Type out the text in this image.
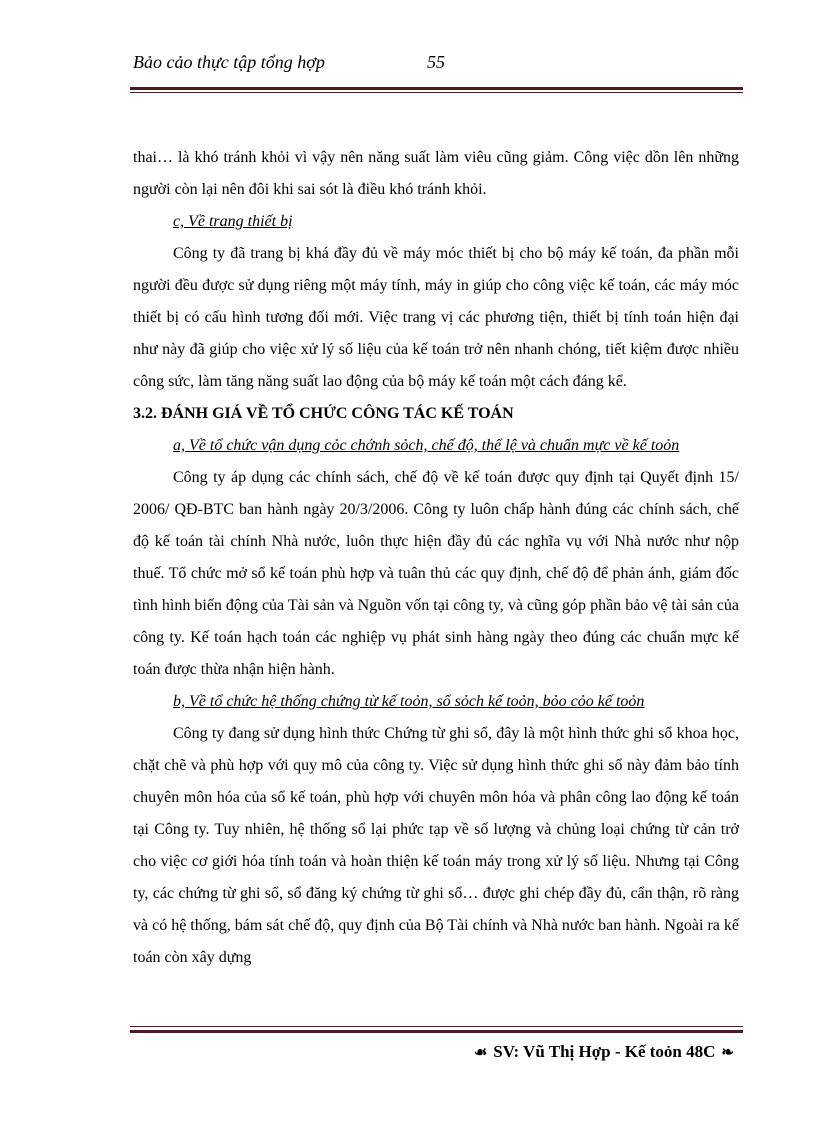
Bảo cảo thực tập tổng hợp	55

thai… là khó tránh khỏi vì vậy nên năng suất làm viêu cũng giảm. Công việc dồn lên những người còn lại nên đôi khi sai sót là điều khó tránh khỏi.

c, Về trang thiết bị

Công ty đã trang bị khá đầy đủ về máy móc thiết bị cho bộ máy kế toán, đa phần mỗi người đều được sử dụng riêng một máy tính, máy in giúp cho công việc kế toán, các máy móc thiết bị có cấu hình tương đối mới. Việc trang vị các phương tiện, thiết bị tính toán hiện đại như này đã giúp cho việc xử lý số liệu của kế toán trở nên nhanh chóng, tiết kiệm được nhiều công sức, làm tăng năng suất lao động của bộ máy kế toán một cách đáng kể.

3.2. ĐÁNH GIÁ VỀ TỔ CHỨC CÔNG TÁC KẾ TOÁN

a, Về tổ chức vận dụng cỏc chớnh sỏch, chế độ, thể lệ và chuẩn mực về kế toỏn

Công ty áp dụng các chính sách, chế độ về kế toán được quy định tại Quyết định 15/ 2006/ QĐ-BTC ban hành ngày 20/3/2006. Công ty luôn chấp hành đúng các chính sách, chế độ kế toán tài chính Nhà nước, luôn thực hiện đầy đủ các nghĩa vụ với Nhà nước như nộp thuế. Tổ chức mở sổ kế toán phù hợp và tuân thủ các quy định, chế độ để phản ánh, giám đốc tình hình biến động của Tài sản và Nguồn vốn tại công ty, và cũng góp phần bảo vệ tài sản của công ty. Kế toán hạch toán các nghiệp vụ phát sinh hàng ngày theo đúng các chuẩn mực kế toán được thừa nhận hiện hành.

b, Về tổ chức hệ thống chứng từ kế toỏn, sổ sỏch kế toỏn, bỏo cỏo kế toỏn

Công ty đang sử dụng hình thức Chứng từ ghi sổ, đây là một hình thức ghi sổ khoa học, chặt chẽ và phù hợp với quy mô của công ty. Việc sử dụng hình thức ghi sổ này đảm bảo tính chuyên môn hóa của sổ kế toán, phù hợp với chuyên môn hóa và phân công lao động kế toán tại Công ty. Tuy nhiên, hệ thống sổ lại phức tạp về số lượng và chủng loại chứng từ cản trở cho việc cơ giới hóa tính toán và hoàn thiện kế toán máy trong xử lý số liệu. Nhưng tại Công ty, các chứng từ ghi sổ, sổ đăng ký chứng từ ghi sổ… được ghi chép đầy đủ, cẩn thận, rõ ràng và có hệ thống, bám sát chế độ, quy định của Bộ Tài chính và Nhà nước ban hành. Ngoài ra kế toán còn xây dựng

☙ SV: Vũ Thị Hợp - Kế toỏn 48C ❧
